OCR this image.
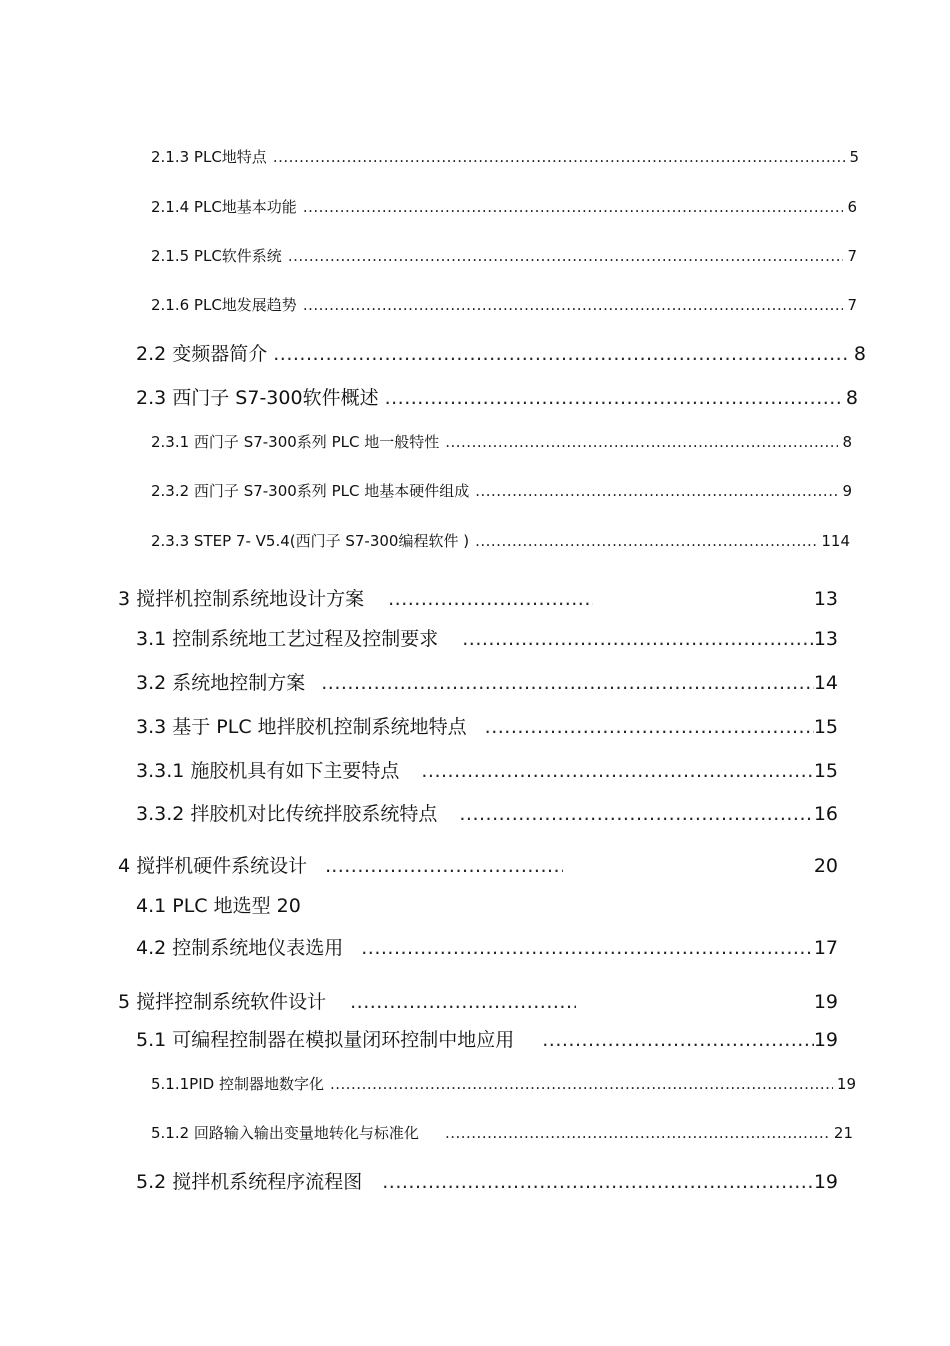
2.1.3 PLC地特点 .....	5
2.1.4 PLC地基本功能 .....	6
2.1.5 PLC软件系统 .....	7
2.1.6 PLC地发展趋势 .....	7
2.2 变频器简介 .....	8
2.3 西门子 S7-300软件概述 .....	8
2.3.1 西门子 S7-300系列 PLC 地一般特性 .....	8
2.3.2 西门子 S7-300系列 PLC 地基本硬件组成 .....	9
2.3.3 STEP 7- V5.4(西门子 S7-300编程软件 ) .....	114
3 搅拌机控制系统地设计方案 .....	13
3.1 控制系统地工艺过程及控制要求 .....	13
3.2 系统地控制方案 .....	14
3.3 基于 PLC 地拌胶机控制系统地特点 .....	15
3.3.1 施胶机具有如下主要特点 .....	15
3.3.2 拌胶机对比传统拌胶系统特点 .....	16
4 搅拌机硬件系统设计 . .....	20
4.1 PLC 地选型 20
4.2 控制系统地仪表选用 .....	17
5 搅拌控制系统软件设计 .....	19
5.1 可编程控制器在模拟量闭环控制中地应用 .....	19
5.1.1PID 控制器地数字化 .....	19
5.1.2 回路输入输出变量地转化与标准化 .....	21
5.2 搅拌机系统程序流程图 .....	19
